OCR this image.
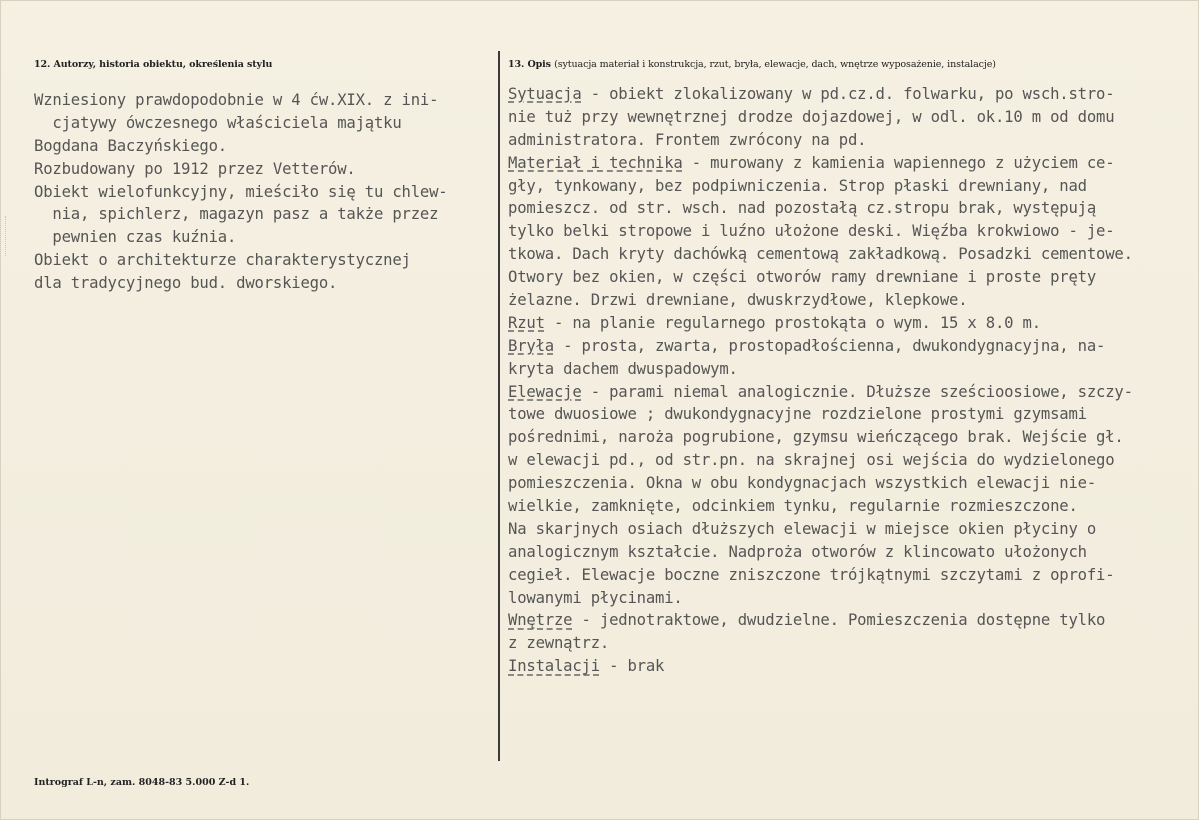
12. Autorzy, historia obiektu, określenia stylu	13. Opis (sytuacja materiał i konstrukcja, rzut, bryła, elewacje, dach, wnętrze wyposażenie, instalacje)
Wzniesiony prawdopodobnie w 4 ćw.XIX. z ini-
cjatywy ówczesnego właściciela majątku
Bogdana Baczyńskiego.
Rozbudowany po 1912 przez Vetterów.
Obiekt wielofunkcyjny, mieściło się tu chlew-
nia, spichlerz, magazyn pasz a także przez
pewnien czas kuźnia.
Obiekt o architekturze charakterystycznej
dla tradycyjnego bud. dworskiego.
Sytuacja - obiekt zlokalizowany w pd.cz.d. folwarku, po wsch.stro-
nie tuż przy wewnętrznej drodze dojazdowej, w odl. ok.10 m od domu
administratora. Frontem zwrócony na pd.
Materiał i technika - murowany z kamienia wapiennego z użyciem ce-
gły, tynkowany, bez podpiwniczenia. Strop płaski drewniany, nad
pomieszcz. od str. wsch. nad pozostałą cz.stropu brak, występują
tylko belki stropowe i luźno ułożone deski. Więźba krokwiowo - je-
tkowa. Dach kryty dachówką cementową zakładkową. Posadzki cementowe.
Otwory bez okien, w części otworów ramy drewniane i proste pręty
żelazne. Drzwi drewniane, dwuskrzydłowe, klepkowe.
Rzut - na planie regularnego prostokąta o wym. 15 x 8.0 m.
Bryła - prosta, zwarta, prostopadłościenna, dwukondygnacyjna, na-
kryta dachem dwuspadowym.
Elewacje - parami niemal analogicznie. Dłuższe sześcioosiowe, szczy-
towe dwuosiowe ; dwukondygnacyjne rozdzielone prostymi gzymsami
pośrednimi, naroża pogrubione, gzymsu wieńczącego brak. Wejście gł.
w elewacji pd., od str.pn. na skrajnej osi wejścia do wydzielonego
pomieszczenia. Okna w obu kondygnacjach wszystkich elewacji nie-
wielkie, zamknięte, odcinkiem tynku, regularnie rozmieszczone.
Na skarjnych osiach dłuższych elewacji w miejsce okien płyciny o
analogicznym kształcie. Nadproża otworów z klincowato ułożonych
cegieł. Elewacje boczne zniszczone trójkątnymi szczytami z oprofi-
lowanymi płycinami.
Wnętrze - jednotraktowe, dwudzielne. Pomieszczenia dostępne tylko
z zewnątrz.
Instalacji - brak
Intrograf L-n, zam. 8048-83 5.000 Z-d 1.
